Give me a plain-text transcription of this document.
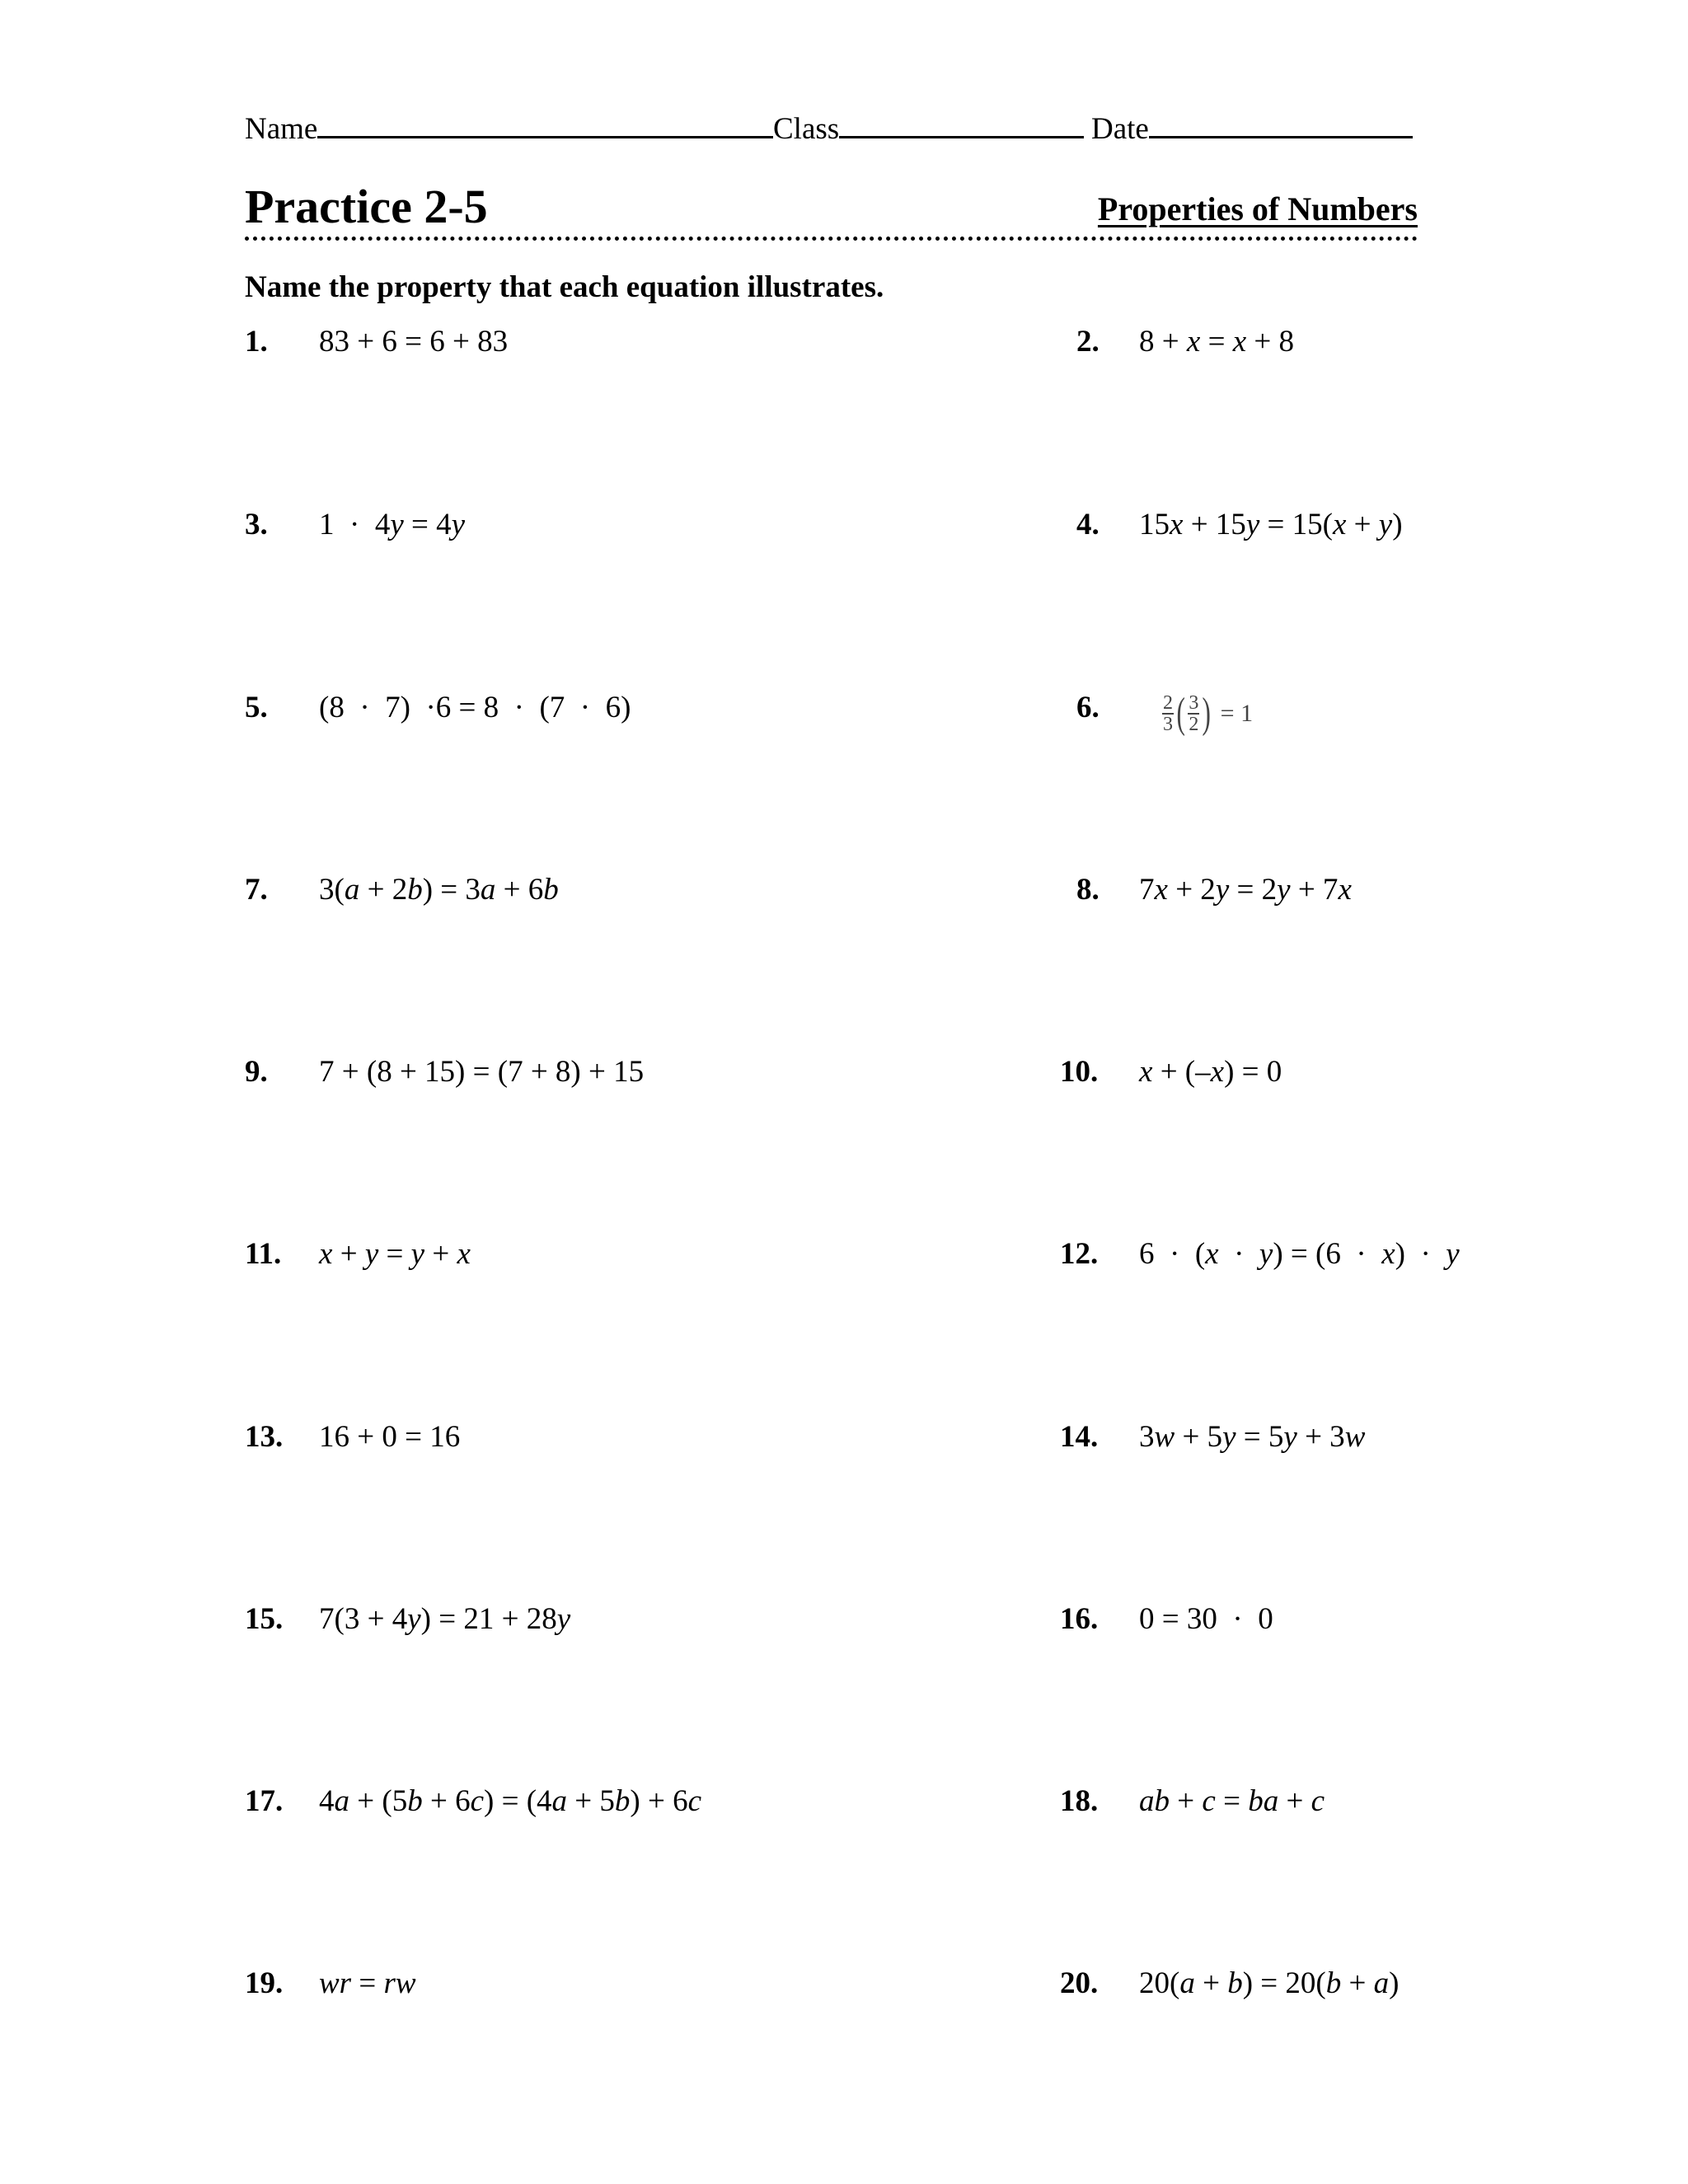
Name	Class	Date
Practice 2-5	Properties of Numbers
Name the property that each equation illustrates.
1. 83 + 6 = 6 + 83	2. 8 + x = x + 8
3. 1  ·  4y = 4y	4. 15x + 15y = 15(x + y)
5. (8  ·  7)  ·6 = 8  ·  (7  ·  6)	6.	$\frac{2}{3}$ ( $\frac{3}{2}$ ) = 1
7. 3(a + 2b) = 3a + 6b	8. 7x + 2y = 2y + 7x
9. 7 + (8 + 15) = (7 + 8) + 15	10. x + (–x) = 0
11. x + y = y + x	12. 6  ·  (x  ·  y) = (6  ·  x)  ·  y
13. 16 + 0 = 16	14. 3w + 5y = 5y + 3w
15. 7(3 + 4y) = 21 + 28y	16. 0 = 30  ·  0
17. 4a + (5b + 6c) = (4a + 5b) + 6c	18. ab + c = ba + c
19. wr = rw	20. 20(a + b) = 20(b + a)
